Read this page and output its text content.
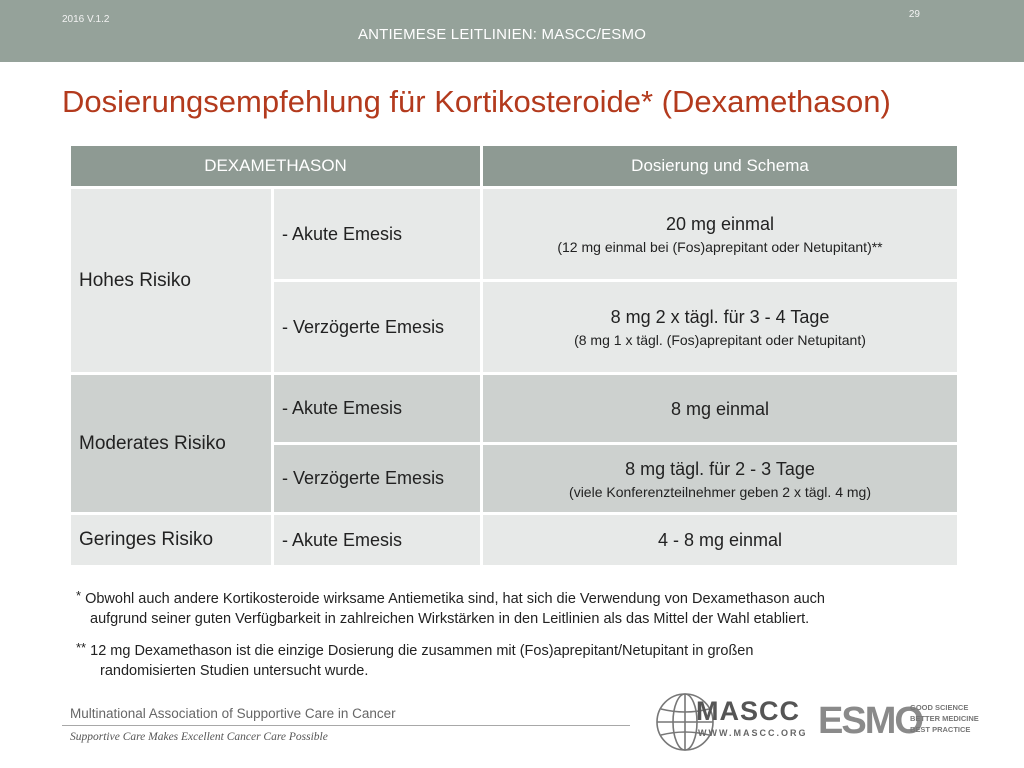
2016 V.1.2	29
ANTIEMESE LEITLINIEN: MASCC/ESMO
Dosierungsempfehlung für Kortikosteroide* (Dexamethason)
DEXAMETHASON		Dosierung und Schema
Hohes Risiko	- Akute Emesis	20 mg einmal
(12 mg einmal bei (Fos)aprepitant oder Netupitant)**

	- Verzögerte Emesis	8 mg 2 x tägl. für 3 - 4 Tage
(8 mg 1 x tägl. (Fos)aprepitant oder Netupitant)

Moderates Risiko	- Akute Emesis	8 mg einmal

	- Verzögerte Emesis	8 mg tägl. für 2 - 3 Tage
(viele Konferenzteilnehmer geben 2 x tägl. 4 mg)

Geringes Risiko	- Akute Emesis	4 - 8 mg einmal
* Obwohl auch andere Kortikosteroide wirksame Antiemetika sind, hat sich die Verwendung von Dexamethason auch
aufgrund seiner guten Verfügbarkeit in zahlreichen Wirkstärken in den Leitlinien als das Mittel der Wahl etabliert.
** 12 mg Dexamethason ist die einzige Dosierung die zusammen mit (Fos)aprepitant/Netupitant in großen
randomisierten Studien untersucht wurde.
Multinational Association of Supportive Care in Cancer
Supportive Care Makes Excellent Cancer Care Possible
MASCC
WWW.MASCC.ORG ESMO
GOOD SCIENCE
BETTER MEDICINE
BEST PRACTICE
